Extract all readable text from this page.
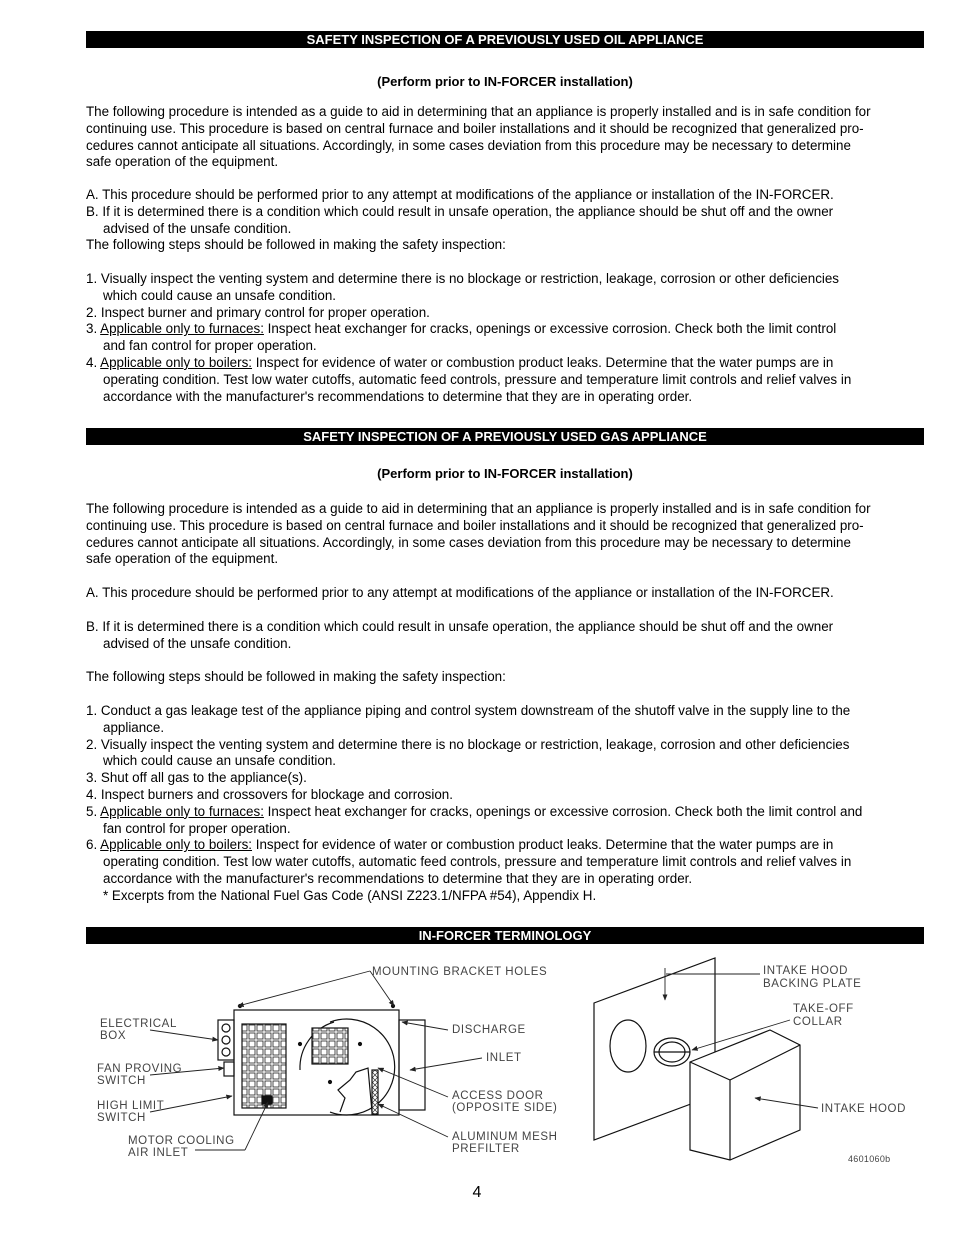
SAFETY INSPECTION OF A PREVIOUSLY USED OIL APPLIANCE
(Perform prior to IN-FORCER installation)
The following procedure is intended as a guide to aid in determining that an appliance is properly installed and is in safe condition for
continuing use. This procedure is based on central furnace and boiler installations and it should be recognized that generalized pro-
cedures cannot anticipate all situations. Accordingly, in some cases deviation from this procedure may be necessary to determine
safe operation of the equipment.
A. This procedure should be performed prior to any attempt at modifications of the appliance or installation of the IN-FORCER.
B. If it is determined there is a condition which could result in unsafe operation, the appliance should be shut off and the owner
advised of the unsafe condition.
The following steps should be followed in making the safety inspection:
1. Visually inspect the venting system and determine there is no blockage or restriction, leakage, corrosion or other deficiencies
which could cause an unsafe condition.
2. Inspect burner and primary control for proper operation.
3. Applicable only to furnaces: Inspect heat exchanger for cracks, openings or excessive corrosion. Check both the limit control
and fan control for proper operation.
4. Applicable only to boilers: Inspect for evidence of water or combustion product leaks. Determine that the water pumps are in
operating condition. Test low water cutoffs, automatic feed controls, pressure and temperature limit controls and relief valves in
accordance with the manufacturer's recommendations to determine that they are in operating order.
SAFETY INSPECTION OF A PREVIOUSLY USED GAS APPLIANCE
(Perform prior to IN-FORCER installation)
The following procedure is intended as a guide to aid in determining that an appliance is properly installed and is in safe condition for
continuing use. This procedure is based on central furnace and boiler installations and it should be recognized that generalized pro-
cedures cannot anticipate all situations. Accordingly, in some cases deviation from this procedure may be necessary to determine
safe operation of the equipment.
A. This procedure should be performed prior to any attempt at modifications of the appliance or installation of the IN-FORCER.
B. If it is determined there is a condition which could result in unsafe operation, the appliance should be shut off and the owner
advised of the unsafe condition.
The following steps should be followed in making the safety inspection:
1. Conduct a gas leakage test of the appliance piping and control system downstream of the shutoff valve in the supply line to the
appliance.
2. Visually inspect the venting system and determine there is no blockage or restriction, leakage, corrosion and other deficiencies
which could cause an unsafe condition.
3. Shut off all gas to the appliance(s).
4. Inspect burners and crossovers for blockage and corrosion.
5. Applicable only to furnaces: Inspect heat exchanger for cracks, openings or excessive corrosion. Check both the limit control and
fan control for proper operation.
6. Applicable only to boilers: Inspect for evidence of water or combustion product leaks. Determine that the water pumps are in
operating condition. Test low water cutoffs, automatic feed controls, pressure and temperature limit controls and relief valves in
accordance with the manufacturer's recommendations to determine that they are in operating order.
* Excerpts from the National Fuel Gas Code (ANSI Z223.1/NFPA #54), Appendix H.
IN-FORCER TERMINOLOGY
MOUNTING BRACKET HOLES
ELECTRICAL
BOX
FAN PROVING
SWITCH
HIGH LIMIT
SWITCH
MOTOR COOLING
AIR INLET
DISCHARGE
INLET
ACCESS DOOR
(OPPOSITE SIDE)
ALUMINUM MESH
PREFILTER
INTAKE HOOD
BACKING PLATE
TAKE-OFF
COLLAR
INTAKE HOOD
4601060b
4
